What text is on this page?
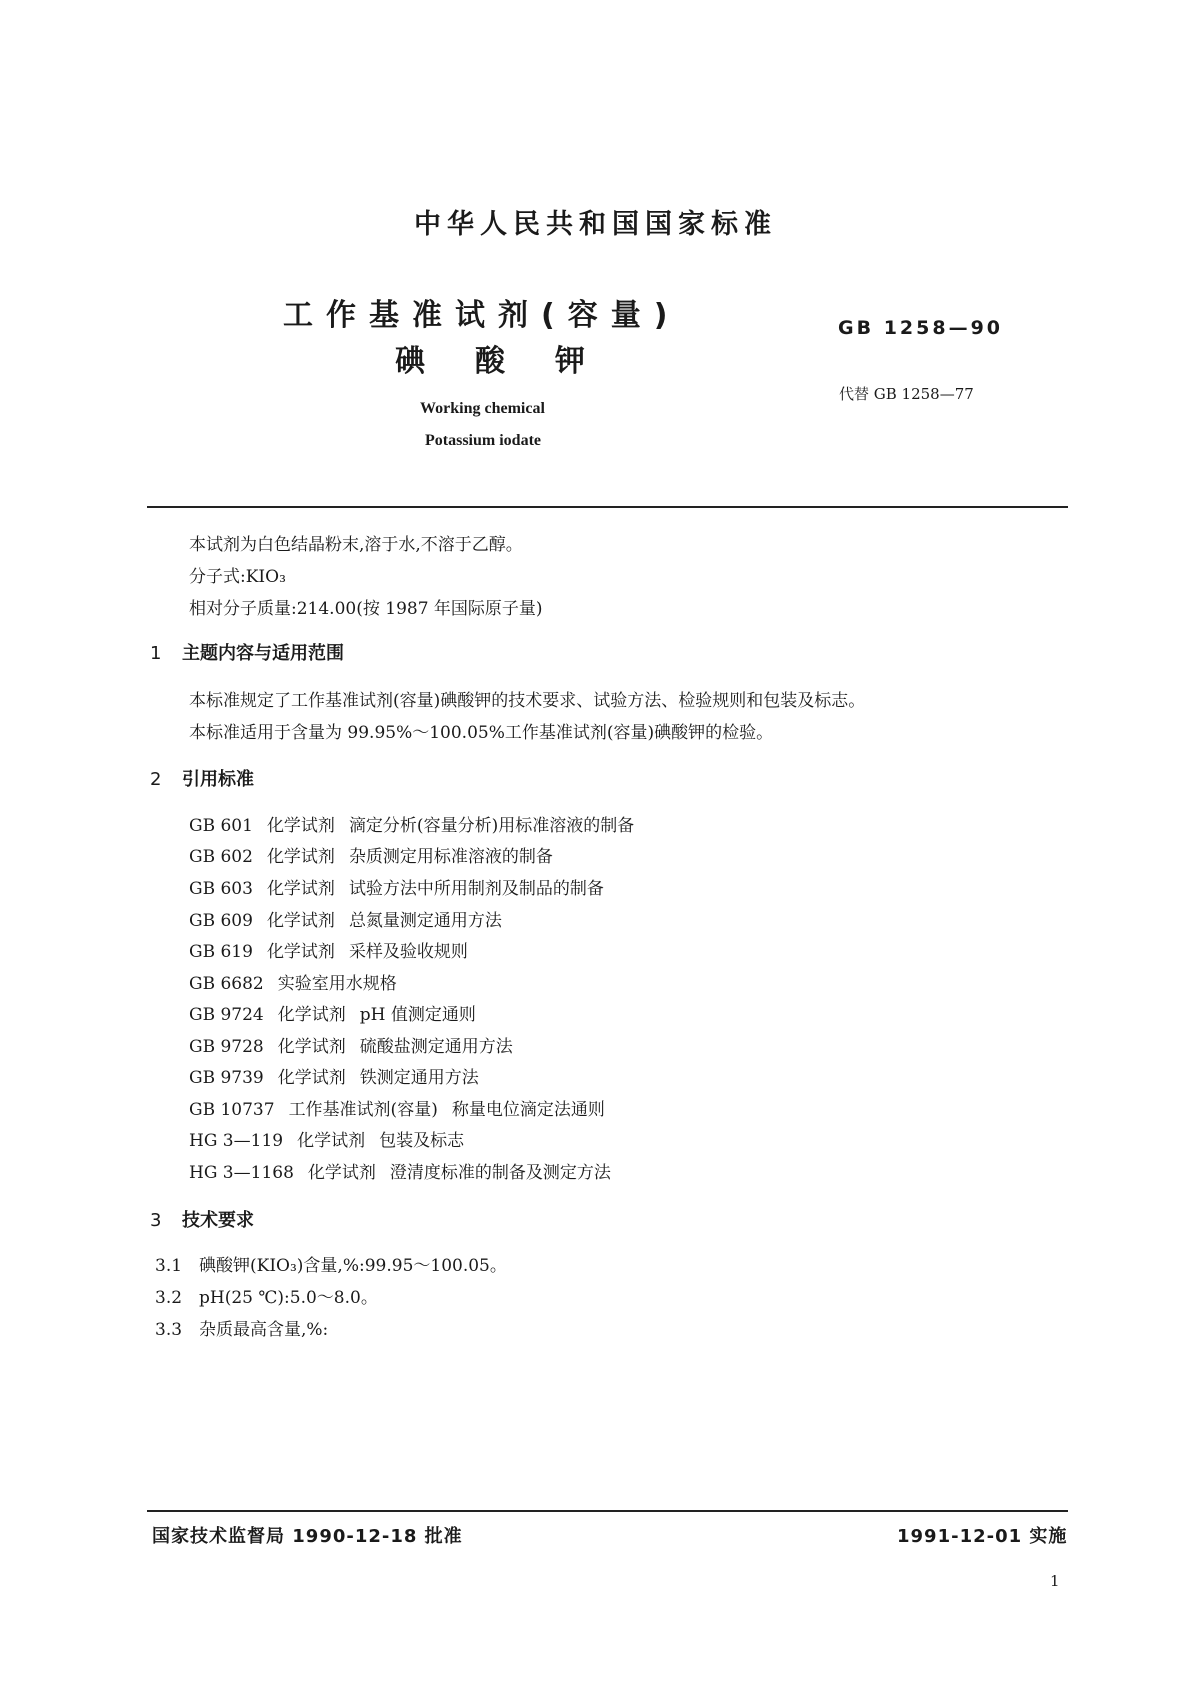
中华人民共和国国家标准
工作基准试剂(容量)
碘酸钾
GB 1258—90
代替 GB 1258—77
Working chemical
Potassium iodate
本试剂为白色结晶粉末,溶于水,不溶于乙醇。
分子式:KIO₃
相对分子质量:214.00(按 1987 年国际原子量)
1 主题内容与适用范围
本标准规定了工作基准试剂(容量)碘酸钾的技术要求、试验方法、检验规则和包装及标志。
本标准适用于含量为 99.95%～100.05%工作基准试剂(容量)碘酸钾的检验。
2 引用标准
GB 601 化学试剂 滴定分析(容量分析)用标准溶液的制备
GB 602 化学试剂 杂质测定用标准溶液的制备
GB 603 化学试剂 试验方法中所用制剂及制品的制备
GB 609 化学试剂 总氮量测定通用方法
GB 619 化学试剂 采样及验收规则
GB 6682 实验室用水规格
GB 9724 化学试剂 pH 值测定通则
GB 9728 化学试剂 硫酸盐测定通用方法
GB 9739 化学试剂 铁测定通用方法
GB 10737 工作基准试剂(容量) 称量电位滴定法通则
HG 3—119 化学试剂 包装及标志
HG 3—1168 化学试剂 澄清度标准的制备及测定方法
3 技术要求
3.1 碘酸钾(KIO₃)含量,%:99.95～100.05。
3.2 pH(25 ℃):5.0～8.0。
3.3 杂质最高含量,%:
国家技术监督局 1990-12-18 批准	1991-12-01 实施
1
